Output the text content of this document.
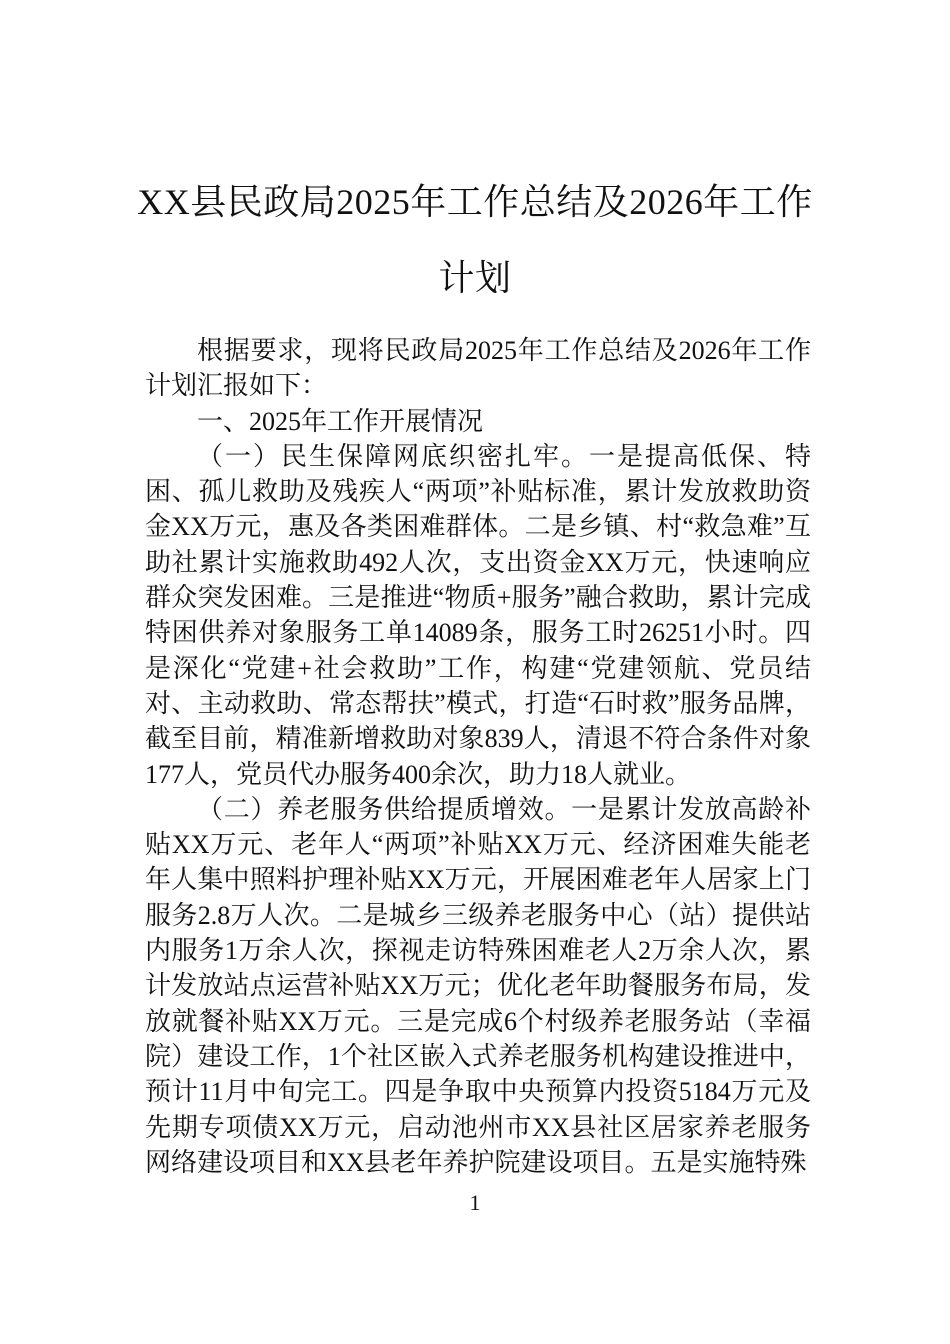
XX县民政局2025年工作总结及2026年工作计划

根据要求，现将民政局2025年工作总结及2026年工作计划汇报如下：

一、2025年工作开展情况

（一）民生保障网底织密扎牢。一是提高低保、特困、孤儿救助及残疾人“两项”补贴标准，累计发放救助资金XX万元，惠及各类困难群体。二是乡镇、村“救急难”互助社累计实施救助492人次，支出资金XX万元，快速响应群众突发困难。三是推进“物质+服务”融合救助，累计完成特困供养对象服务工单14089条，服务工时26251小时。四是深化“党建+社会救助”工作，构建“党建领航、党员结对、主动救助、常态帮扶”模式，打造“石时救”服务品牌，截至目前，精准新增救助对象839人，清退不符合条件对象177人，党员代办服务400余次，助力18人就业。

（二）养老服务供给提质增效。一是累计发放高龄补贴XX万元、老年人“两项”补贴XX万元、经济困难失能老年人集中照料护理补贴XX万元，开展困难老年人居家上门服务2.8万人次。二是城乡三级养老服务中心（站）提供站内服务1万余人次，探视走访特殊困难老人2万余人次，累计发放站点运营补贴XX万元；优化老年助餐服务布局，发放就餐补贴XX万元。三是完成6个村级养老服务站（幸福院）建设工作，1个社区嵌入式养老服务机构建设推进中，预计11月中旬完工。四是争取中央预算内投资5184万元及先期专项债XX万元，启动池州市XX县社区居家养老服务网络建设项目和XX县老年养护院建设项目。五是实施特殊

1
